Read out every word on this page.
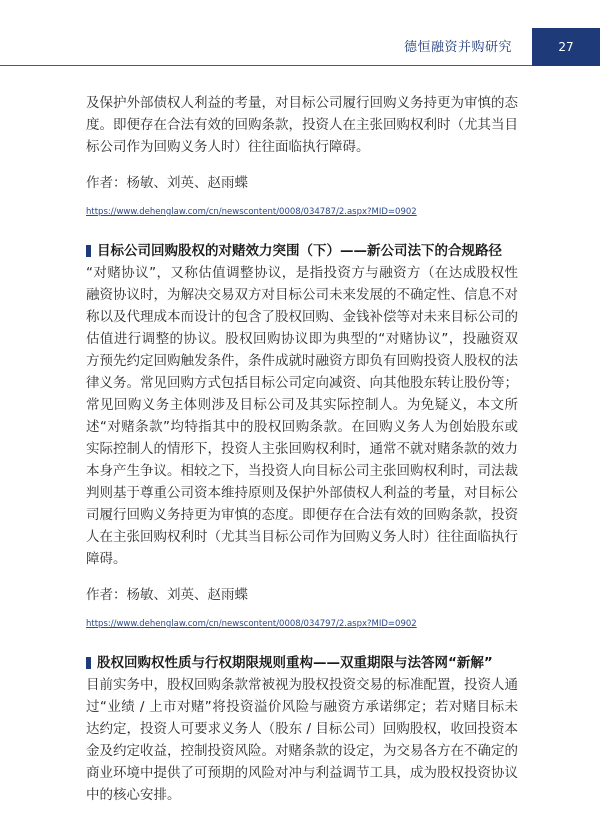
德恒融资并购研究	27

及保护外部债权人利益的考量，对目标公司履行回购义务持更为审慎的态度。即便存在合法有效的回购条款，投资人在主张回购权利时（尤其当目标公司作为回购义务人时）往往面临执行障碍。

作者：杨敏、刘英、赵雨蝶

https://www.dehenglaw.com/cn/newscontent/0008/034787/2.aspx?MID=0902
目标公司回购股权的对赌效力突围（下）——新公司法下的合规路径

“对赌协议”，又称估值调整协议，是指投资方与融资方（在达成股权性融资协议时，为解决交易双方对目标公司未来发展的不确定性、信息不对称以及代理成本而设计的包含了股权回购、金钱补偿等对未来目标公司的估值进行调整的协议。股权回购协议即为典型的“对赌协议”，投融资双方预先约定回购触发条件，条件成就时融资方即负有回购投资人股权的法律义务。常见回购方式包括目标公司定向减资、向其他股东转让股份等；常见回购义务主体则涉及目标公司及其实际控制人。为免疑义，本文所述“对赌条款”均特指其中的股权回购条款。在回购义务人为创始股东或实际控制人的情形下，投资人主张回购权利时，通常不就对赌条款的效力本身产生争议。相较之下，当投资人向目标公司主张回购权利时，司法裁判则基于尊重公司资本维持原则及保护外部债权人利益的考量，对目标公司履行回购义务持更为审慎的态度。即便存在合法有效的回购条款，投资人在主张回购权利时（尤其当目标公司作为回购义务人时）往往面临执行障碍。

作者：杨敏、刘英、赵雨蝶

https://www.dehenglaw.com/cn/newscontent/0008/034797/2.aspx?MID=0902
股权回购权性质与行权期限规则重构——双重期限与法答网“新解”

目前实务中，股权回购条款常被视为股权投资交易的标准配置，投资人通过“业绩 / 上市对赌”将投资溢价风险与融资方承诺绑定；若对赌目标未达约定，投资人可要求义务人（股东 / 目标公司）回购股权，收回投资本金及约定收益，控制投资风险。对赌条款的设定，为交易各方在不确定的商业环境中提供了可预期的风险对冲与利益调节工具，成为股权投资协议中的核心安排。
